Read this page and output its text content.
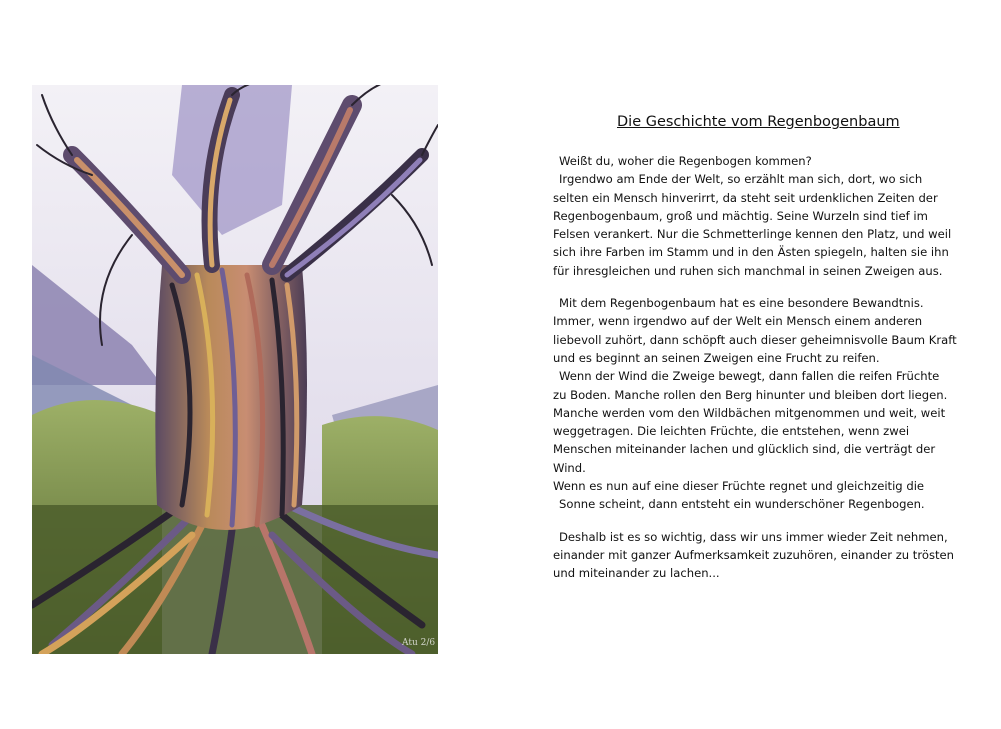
Atu 2/6
Die Geschichte vom Regenbogenbaum

Weißt du, woher die Regenbogen kommen?

Irgendwo am Ende der Welt, so erzählt man sich, dort, wo sich

selten ein Mensch hinverirrt, da steht seit urdenklichen Zeiten der

Regenbogenbaum, groß und mächtig. Seine Wurzeln sind tief im

Felsen verankert. Nur die Schmetterlinge kennen den Platz, und weil

sich ihre Farben im Stamm und in den Ästen spiegeln, halten sie ihn

für ihresgleichen und ruhen sich manchmal in seinen Zweigen aus.

Mit dem Regenbogenbaum hat es eine besondere Bewandtnis.

Immer, wenn irgendwo auf der Welt ein Mensch einem anderen

liebevoll zuhört, dann schöpft auch dieser geheimnisvolle Baum Kraft

und es beginnt an seinen Zweigen eine Frucht zu reifen.

Wenn der Wind die Zweige bewegt, dann fallen die reifen Früchte

zu Boden. Manche rollen den Berg hinunter und bleiben dort liegen.

Manche werden vom den Wildbächen mitgenommen und weit, weit

weggetragen. Die leichten Früchte, die entstehen, wenn zwei

Menschen miteinander lachen und glücklich sind, die verträgt der

Wind.

Wenn es nun auf eine dieser Früchte regnet und gleichzeitig die

Sonne scheint, dann entsteht ein wunderschöner Regenbogen.

Deshalb ist es so wichtig, dass wir uns immer wieder Zeit nehmen,

einander mit ganzer Aufmerksamkeit zuzuhören, einander zu trösten

und miteinander zu lachen...
